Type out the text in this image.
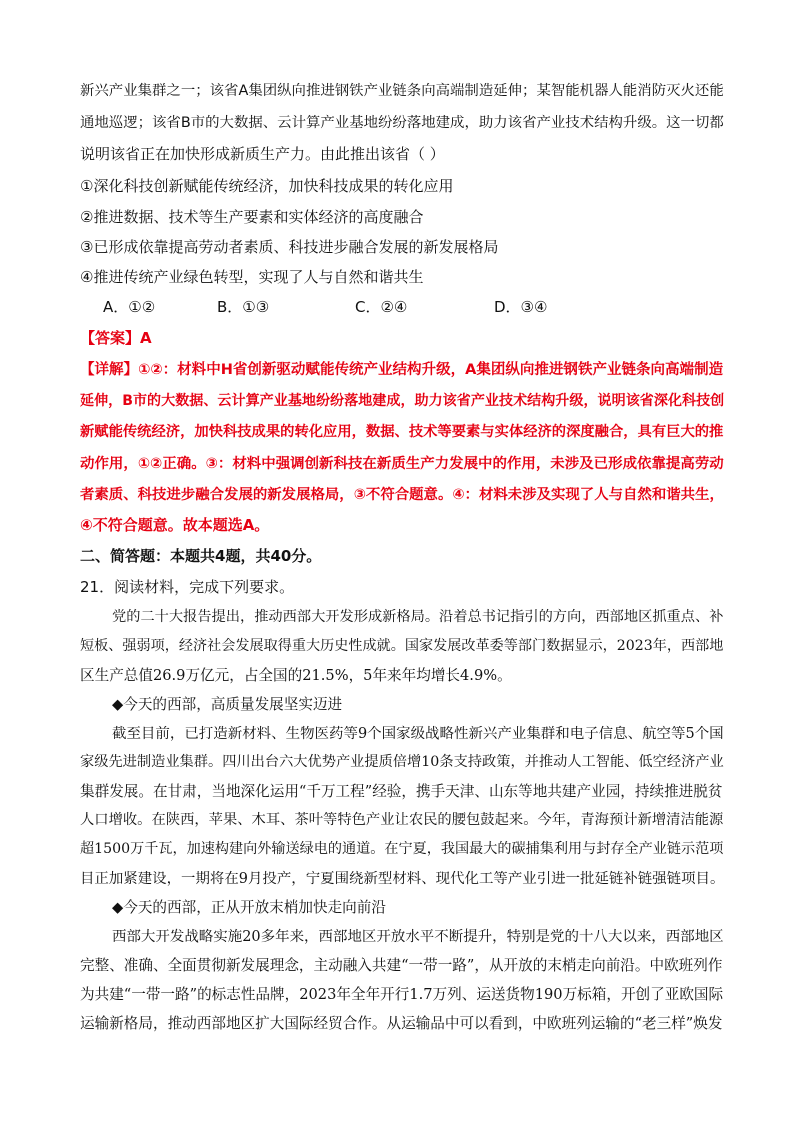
新兴产业集群之一；该省A集团纵向推进钢铁产业链条向高端制造延伸；某智能机器人能消防灭火还能
通地巡逻；该省B市的大数据、云计算产业基地纷纷落地建成，助力该省产业技术结构升级。这一切都
说明该省正在加快形成新质生产力。由此推出该省（ ）
①深化科技创新赋能传统经济，加快科技成果的转化应用
②推进数据、技术等生产要素和实体经济的高度融合
③已形成依靠提高劳动者素质、科技进步融合发展的新发展格局
④推进传统产业绿色转型，实现了人与自然和谐共生
A．①②	B．①③	C．②④	D．③④
【答案】A
【详解】①②：材料中H省创新驱动赋能传统产业结构升级，A集团纵向推进钢铁产业链条向高端制造
延伸，B市的大数据、云计算产业基地纷纷落地建成，助力该省产业技术结构升级，说明该省深化科技创
新赋能传统经济，加快科技成果的转化应用，数据、技术等要素与实体经济的深度融合，具有巨大的推
动作用，①②正确。③：材料中强调创新科技在新质生产力发展中的作用，未涉及已形成依靠提高劳动
者素质、科技进步融合发展的新发展格局，③不符合题意。④：材料未涉及实现了人与自然和谐共生，
④不符合题意。故本题选A。
二、简答题：本题共4题，共40分。
21．阅读材料，完成下列要求。
党的二十大报告提出，推动西部大开发形成新格局。沿着总书记指引的方向，西部地区抓重点、补
短板、强弱项，经济社会发展取得重大历史性成就。国家发展改革委等部门数据显示，2023年，西部地
区生产总值26.9万亿元，占全国的21.5%，5年来年均增长4.9%。
◆今天的西部，高质量发展坚实迈进
截至目前，已打造新材料、生物医药等9个国家级战略性新兴产业集群和电子信息、航空等5个国
家级先进制造业集群。四川出台六大优势产业提质倍增10条支持政策，并推动人工智能、低空经济产业
集群发展。在甘肃，当地深化运用“千万工程”经验，携手天津、山东等地共建产业园，持续推进脱贫
人口增收。在陕西，苹果、木耳、茶叶等特色产业让农民的腰包鼓起来。今年，青海预计新增清洁能源
超1500万千瓦，加速构建向外输送绿电的通道。在宁夏，我国最大的碳捕集利用与封存全产业链示范项
目正加紧建设，一期将在9月投产，宁夏围绕新型材料、现代化工等产业引进一批延链补链强链项目。
◆今天的西部，正从开放末梢加快走向前沿
西部大开发战略实施20多年来，西部地区开放水平不断提升，特别是党的十八大以来，西部地区
完整、准确、全面贯彻新发展理念，主动融入共建“一带一路”，从开放的末梢走向前沿。中欧班列作
为共建“一带一路”的标志性品牌，2023年全年开行1.7万列、运送货物190万标箱，开创了亚欧国际
运输新格局，推动西部地区扩大国际经贸合作。从运输品中可以看到，中欧班列运输的“老三样”焕发
